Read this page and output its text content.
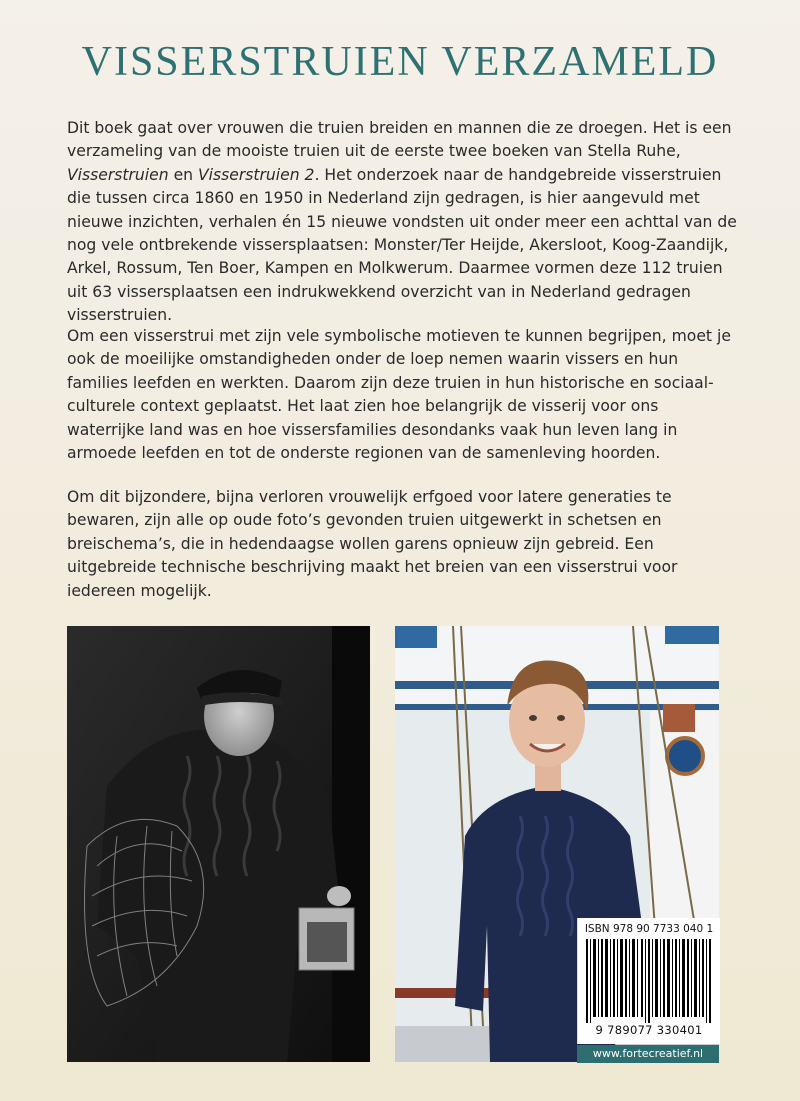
VISSERSTRUIEN VERZAMELD

Dit boek gaat over vrouwen die truien breiden en mannen die ze droegen. Het is een verzameling van de mooiste truien uit de eerste twee boeken van Stella Ruhe, Visserstruien en Visserstruien 2. Het onderzoek naar de handgebreide visserstruien die tussen circa 1860 en 1950 in Nederland zijn gedragen, is hier aangevuld met nieuwe inzichten, verhalen én 15 nieuwe vondsten uit onder meer een achttal van de nog vele ontbrekende vissersplaatsen: Monster/Ter Heijde, Akersloot, Koog-Zaandijk, Arkel, Rossum, Ten Boer, Kampen en Molkwerum. Daarmee vormen deze 112 truien uit 63 vissersplaatsen een indrukwekkend overzicht van in Nederland gedragen visserstruien.

Om een visserstrui met zijn vele symbolische motieven te kunnen begrijpen, moet je ook de moeilijke omstandigheden onder de loep nemen waarin vissers en hun families leefden en werkten. Daarom zijn deze truien in hun historische en sociaal-culturele context geplaatst. Het laat zien hoe belangrijk de visserij voor ons waterrijke land was en hoe vissersfamilies desondanks vaak hun leven lang in armoede leefden en tot de onderste regionen van de samenleving hoorden.

Om dit bijzondere, bijna verloren vrouwelijk erfgoed voor latere generaties te bewaren, zijn alle op oude foto’s gevonden truien uitgewerkt in schetsen en breischema’s, die in hedendaagse wollen garens opnieuw zijn gebreid. Een uitgebreide technische beschrijving maakt het breien van een visserstrui voor iedereen mogelijk.

ISBN 978 90 7733 040 1
9 789077 330401
www.fortecreatief.nl
